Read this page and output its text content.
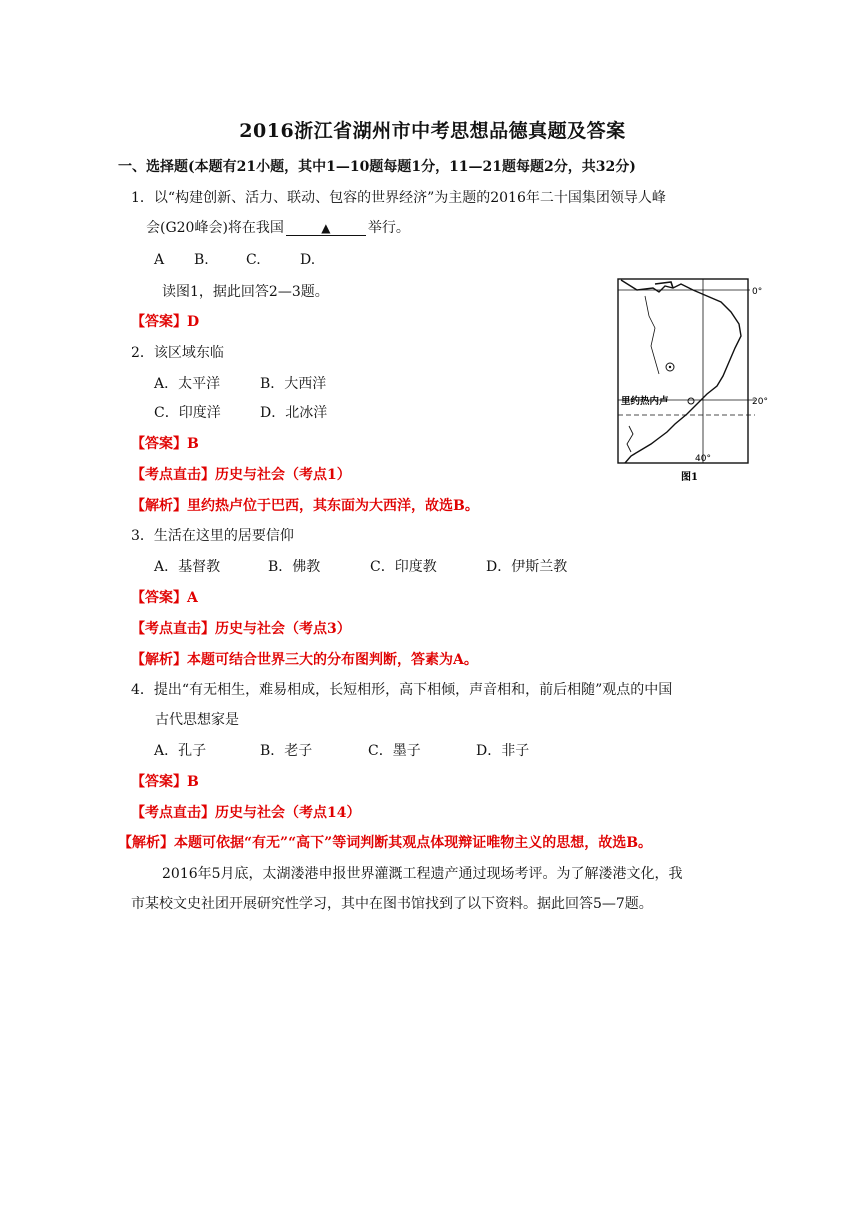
2016浙江省湖州市中考思想品德真题及答案
一、选择题(本题有21小题，其中1—10题每题1分，11—21题每题2分，共32分)
1．以“构建创新、活力、联动、包容的世界经济”为主题的2016年二十国集团领导人峰
会(G20峰会)将在我国	▲	举行。
A B.	C.	D.
读图1，据此回答2—3题。
【答案】D
2．该区域东临
A．太平洋	B．大西洋
C．印度洋	D．北冰洋
【答案】B
【考点直击】历史与社会（考点1）
【解析】里约热卢位于巴西，其东面为大西洋，故选B。
3．生活在这里的居要信仰
A．基督教	B．佛教	C．印度教	D．伊斯兰教
【答案】A
【考点直击】历史与社会（考点3）
【解析】本题可结合世界三大的分布图判断，答素为A。
4．提出“有无相生，难易相成，长短相形，高下相倾，声音相和，前后相随”观点的中国
古代思想家是
A．孔子	B．老子	C．墨子	D．非子
【答案】B
【考点直击】历史与社会（考点14）
【解析】本题可依据“有无”“高下”等词判断其观点体现辩证唯物主义的思想，故选B。
2016年5月底，太湖溇港申报世界灌溉工程遗产通过现场考评。为了解溇港文化，我
市某校文史社团开展研究性学习，其中在图书馆找到了以下资料。据此回答5—7题。
0°
20°
40°
里约热内卢
图1
